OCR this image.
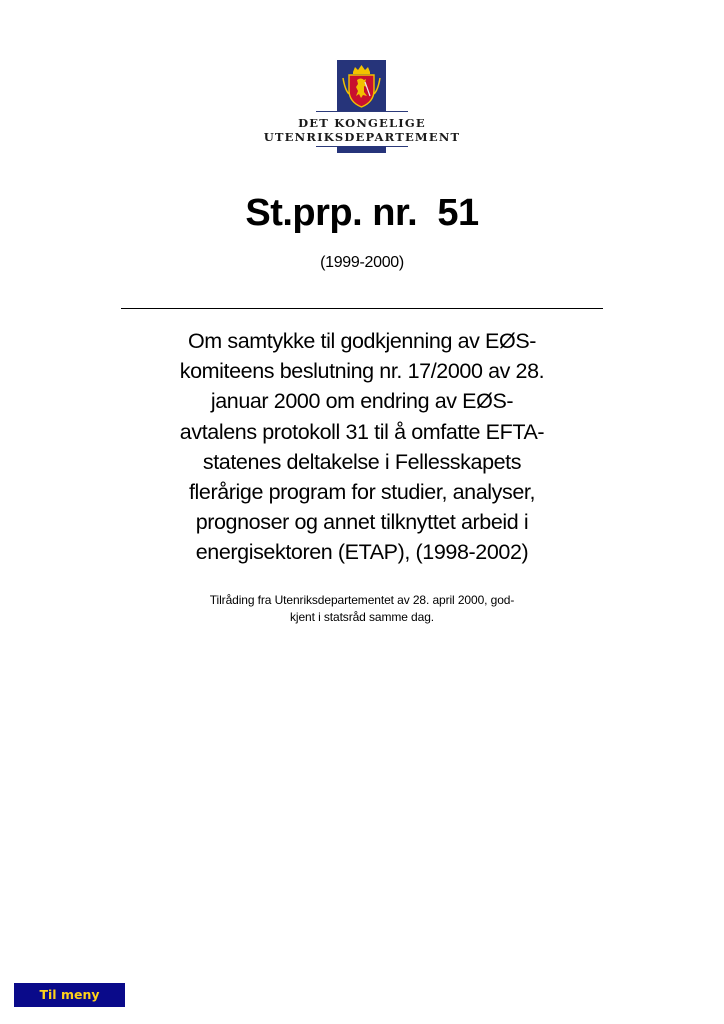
DET KONGELIGE
UTENRIKSDEPARTEMENT
St.prp. nr.  51
(1999-2000)
Om samtykke til godkjenning av EØS-
komiteens beslutning nr. 17/2000 av 28.
januar 2000 om endring av EØS-
avtalens protokoll 31 til å omfatte EFTA-
statenes deltakelse i Fellesskapets
flerårige program for studier, analyser,
prognoser og annet tilknyttet arbeid i
energisektoren (ETAP), (1998-2002)
Tilråding fra Utenriksdepartementet av 28. april 2000, god-
kjent i statsråd samme dag.
Til meny
